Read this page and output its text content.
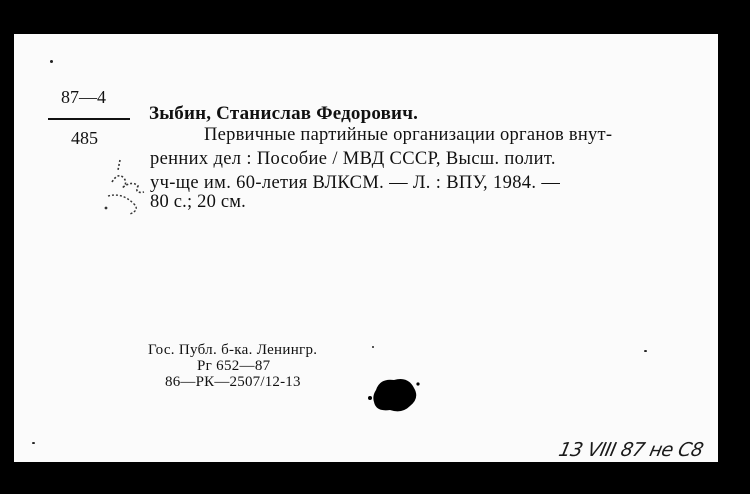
87—4
485
Зыбин, Станислав Федорович.
Первичные партийные организации органов внут-
ренних дел : Пособие / МВД СССР, Высш. полит.
уч-ще им. 60-летия ВЛКСМ. — Л. : ВПУ, 1984. —
80 с.; 20 см.
Гос. Публ. б-ка. Ленингр.
Рг 652—87
86—РК—2507/12-13
13 VIII 87 не С8
